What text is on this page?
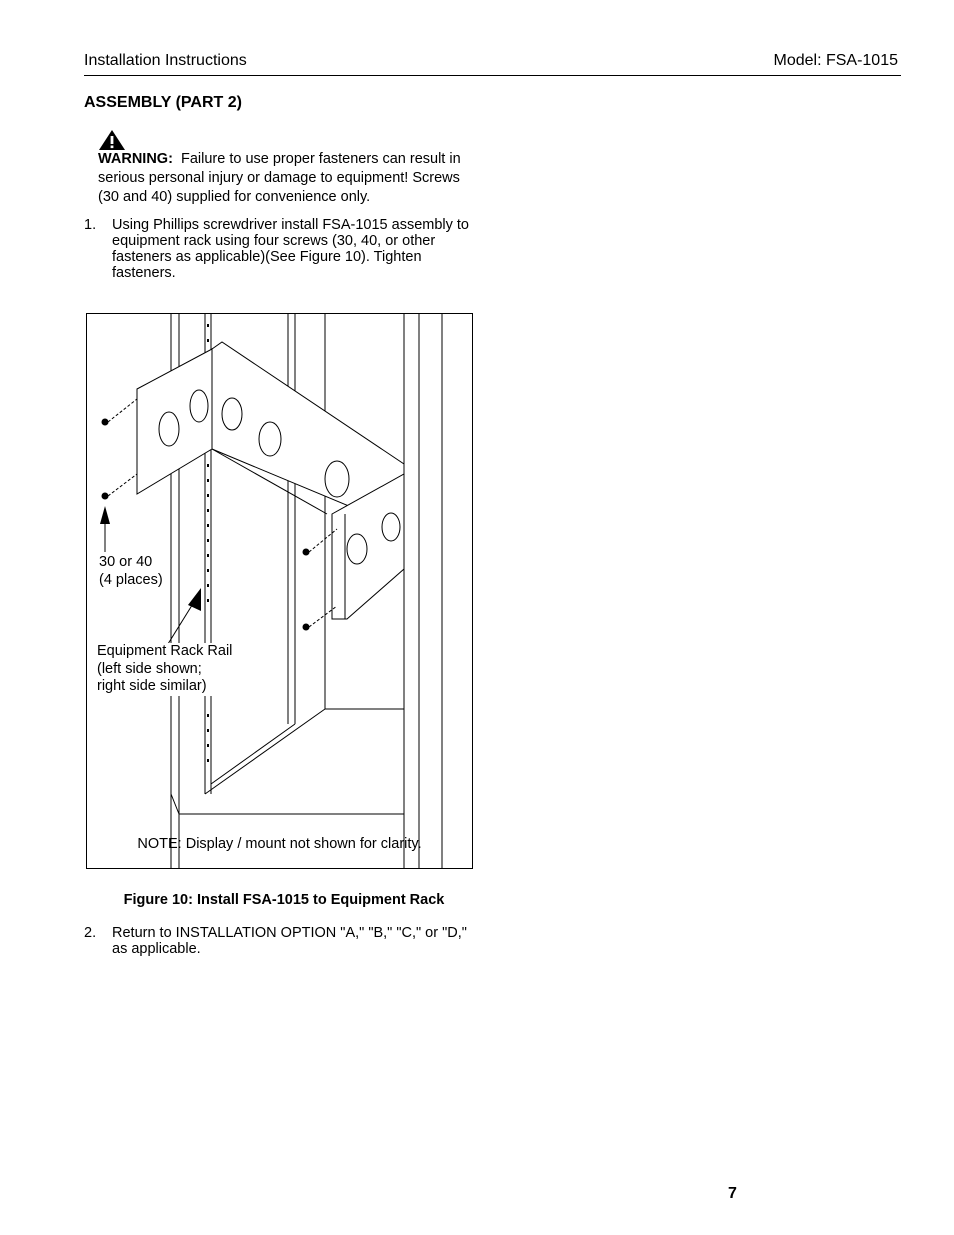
Installation Instructions	Model: FSA-1015
ASSEMBLY (PART 2)
WARNING: Failure to use proper fasteners can result in serious personal injury or damage to equipment! Screws (30 and 40) supplied for convenience only.
1. Using Phillips screwdriver install FSA-1015 assembly to equipment rack using four screws (30, 40, or other fasteners as applicable)(See Figure 10). Tighten fasteners.
30 or 40
(4 places)
Equipment Rack Rail
(left side shown;
right side similar)
NOTE: Display / mount not shown for clarity.
Figure 10: Install FSA-1015 to Equipment Rack
2. Return to INSTALLATION OPTION "A," "B," "C," or "D," as applicable.
7
